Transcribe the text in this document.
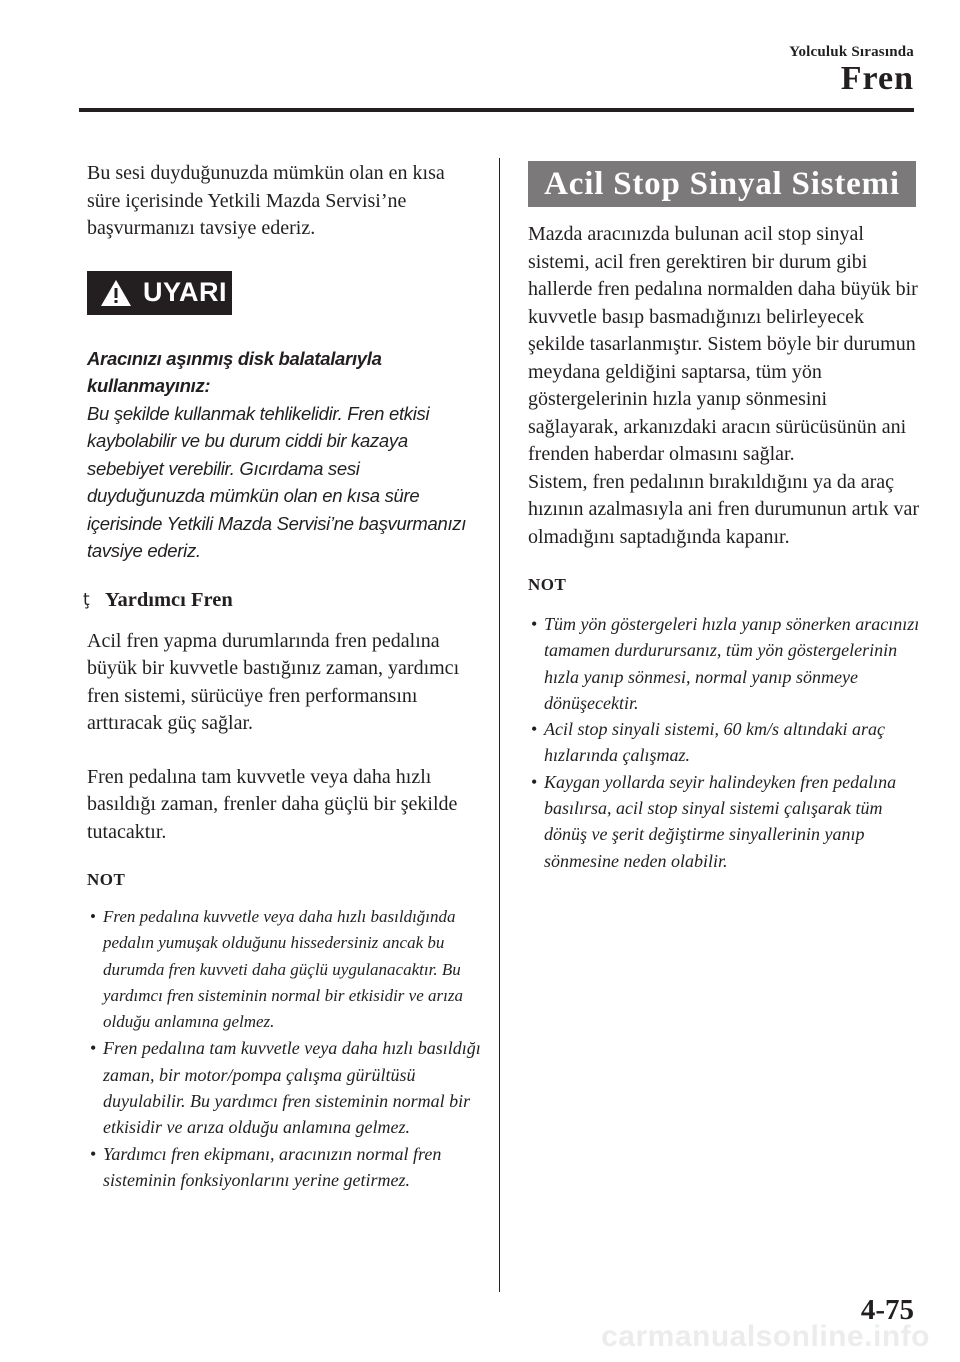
Yolculuk Sırasında
Fren

Bu sesi duyduğunuzda mümkün olan en kısa süre içerisinde Yetkili Mazda Servisi’ne başvurmanızı tavsiye ederiz.

UYARI

Aracınızı aşınmış disk balatalarıyla kullanmayınız:

Bu şekilde kullanmak tehlikelidir. Fren etkisi kaybolabilir ve bu durum ciddi bir kazaya sebebiyet verebilir. Gıcırdama sesi duyduğunuzda mümkün olan en kısa süre içerisinde Yetkili Mazda Servisi’ne başvurmanızı tavsiye ederiz.

ţ Yardımcı Fren

Acil fren yapma durumlarında fren pedalına büyük bir kuvvetle bastığınız zaman, yardımcı fren sistemi, sürücüye fren performansını arttıracak güç sağlar.

Fren pedalına tam kuvvetle veya daha hızlı basıldığı zaman, frenler daha güçlü bir şekilde tutacaktır.

NOT

• Fren pedalına kuvvetle veya daha hızlı basıldığında pedalın yumuşak olduğunu hissedersiniz ancak bu durumda fren kuvveti daha güçlü uygulanacaktır. Bu yardımcı fren sisteminin normal bir etkisidir ve arıza olduğu anlamına gelmez.
• Fren pedalına tam kuvvetle veya daha hızlı basıldığı zaman, bir motor/pompa çalışma gürültüsü duyulabilir. Bu yardımcı fren sisteminin normal bir etkisidir ve arıza olduğu anlamına gelmez.
• Yardımcı fren ekipmanı, aracınızın normal fren sisteminin fonksiyonlarını yerine getirmez.
Acil Stop Sinyal Sistemi

Mazda aracınızda bulunan acil stop sinyal sistemi, acil fren gerektiren bir durum gibi hallerde fren pedalına normalden daha büyük bir kuvvetle basıp basmadığınızı belirleyecek şekilde tasarlanmıştır. Sistem böyle bir durumun meydana geldiğini saptarsa, tüm yön göstergelerinin hızla yanıp sönmesini sağlayarak, arkanızdaki aracın sürücüsünün ani frenden haberdar olmasını sağlar.

Sistem, fren pedalının bırakıldığını ya da araç hızının azalmasıyla ani fren durumunun artık var olmadığını saptadığında kapanır.

NOT

• Tüm yön göstergeleri hızla yanıp sönerken aracınızı tamamen durdurursanız, tüm yön göstergelerinin hızla yanıp sönmesi, normal yanıp sönmeye dönüşecektir.
• Acil stop sinyali sistemi, 60 km/s altındaki araç hızlarında çalışmaz.
• Kaygan yollarda seyir halindeyken fren pedalına basılırsa, acil stop sinyal sistemi çalışarak tüm dönüş ve şerit değiştirme sinyallerinin yanıp sönmesine neden olabilir.
4-75
carmanualsonline.info
